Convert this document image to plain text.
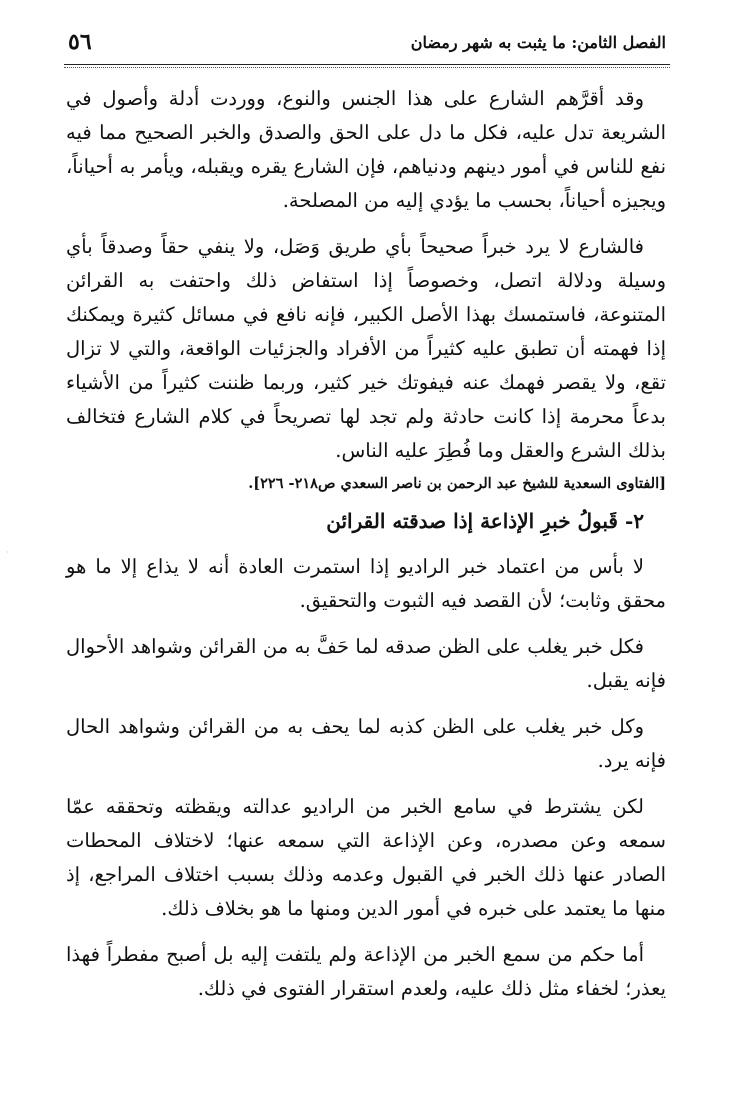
الفصل الثامن: ما يثبت به شهر رمضان
٥٦

وقد أقرَّهم الشارع على هذا الجنس والنوع، ووردت أدلة وأصول في الشريعة تدل عليه، فكل ما دل على الحق والصدق والخبر الصحيح مما فيه نفع للناس في أمور دينهم ودنياهم، فإن الشارع يقره ويقبله، ويأمر به أحياناً، ويجيزه أحياناً، بحسب ما يؤدي إليه من المصلحة.

فالشارع لا يرد خبراً صحيحاً بأي طريق وَصَل، ولا ينفي حقاً وصدقاً بأي وسيلة ودلالة اتصل، وخصوصاً إذا استفاض ذلك واحتفت به القرائن المتنوعة، فاستمسك بهذا الأصل الكبير، فإنه نافع في مسائل كثيرة ويمكنك إذا فهمته أن تطبق عليه كثيراً من الأفراد والجزئيات الواقعة، والتي لا تزال تقع، ولا يقصر فهمك عنه فيفوتك خير كثير، وربما ظننت كثيراً من الأشياء بدعاً محرمة إذا كانت حادثة ولم تجد لها تصريحاً في كلام الشارع فتخالف بذلك الشرع والعقل وما فُطِرَ عليه الناس.

[الفتاوى السعدية للشيخ عبد الرحمن بن ناصر السعدي ص٢١٨- ٢٢٦].

٢- قَبولُ خبرِ الإذاعة إذا صدقته القرائن

لا بأس من اعتماد خبر الراديو إذا استمرت العادة أنه لا يذاع إلا ما هو محقق وثابت؛ لأن القصد فيه الثبوت والتحقيق.

فكل خبر يغلب على الظن صدقه لما حَفَّ به من القرائن وشواهد الأحوال فإنه يقبل.

وكل خبر يغلب على الظن كذبه لما يحف به من القرائن وشواهد الحال فإنه يرد.

لكن يشترط في سامع الخبر من الراديو عدالته ويقظته وتحققه عمّا سمعه وعن مصدره، وعن الإذاعة التي سمعه عنها؛ لاختلاف المحطات الصادر عنها ذلك الخبر في القبول وعدمه وذلك بسبب اختلاف المراجع، إذ منها ما يعتمد على خبره في أمور الدين ومنها ما هو بخلاف ذلك.

أما حكم من سمع الخبر من الإذاعة ولم يلتفت إليه بل أصبح مفطراً فهذا يعذر؛ لخفاء مثل ذلك عليه، ولعدم استقرار الفتوى في ذلك.

·
